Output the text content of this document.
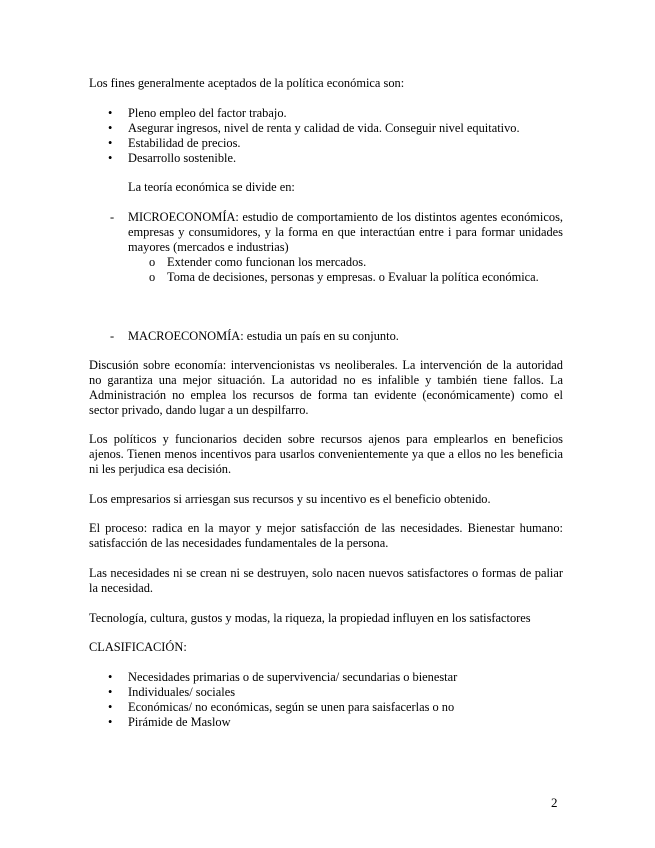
Los fines generalmente aceptados de la política económica son:

• Pleno empleo del factor trabajo.
• Asegurar ingresos, nivel de renta y calidad de vida. Conseguir nivel equitativo.
• Estabilidad de precios.
• Desarrollo sostenible.

La teoría económica se divide en:

- MICROECONOMÍA: estudio de comportamiento de los distintos agentes económicos, empresas y consumidores, y la forma en que interactúan entre i para formar unidades mayores (mercados e industrias)
o Extender como funcionan los mercados.
o Toma de decisiones, personas y empresas. o Evaluar la política económica.
- MACROECONOMÍA: estudia un país en su conjunto.

Discusión sobre economía: intervencionistas vs neoliberales. La intervención de la autoridad no garantiza una mejor situación. La autoridad no es infalible y también tiene fallos. La Administración no emplea los recursos de forma tan evidente (económicamente) como el sector privado, dando lugar a un despilfarro.

Los políticos y funcionarios deciden sobre recursos ajenos para emplearlos en beneficios ajenos. Tienen menos incentivos para usarlos convenientemente ya que a ellos no les beneficia ni les perjudica esa decisión.

Los empresarios si arriesgan sus recursos y su incentivo es el beneficio obtenido.

El proceso: radica en la mayor y mejor satisfacción de las necesidades. Bienestar humano: satisfacción de las necesidades fundamentales de la persona.

Las necesidades ni se crean ni se destruyen, solo nacen nuevos satisfactores o formas de paliar la necesidad.

Tecnología, cultura, gustos y modas, la riqueza, la propiedad influyen en los satisfactores

CLASIFICACIÓN:

• Necesidades primarias o de supervivencia/ secundarias o bienestar
• Individuales/ sociales
• Económicas/ no económicas, según se unen para saisfacerlas o no
• Pirámide de Maslow
2
